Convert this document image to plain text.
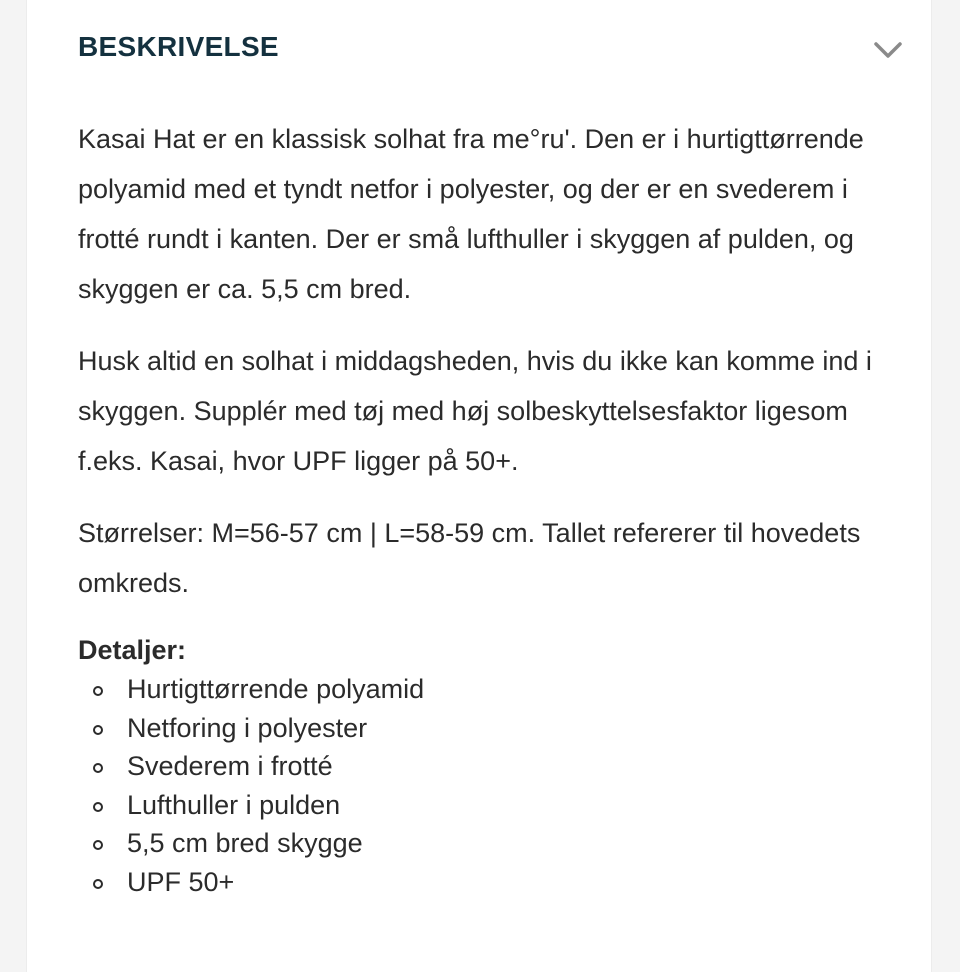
BESKRIVELSE

Kasai Hat er en klassisk solhat fra me°ru'. Den er i hurtigttørrende polyamid med et tyndt netfor i polyester, og der er en svederem i frotté rundt i kanten. Der er små lufthuller i skyggen af pulden, og skyggen er ca. 5,5 cm bred.

Husk altid en solhat i middagsheden, hvis du ikke kan komme ind i skyggen. Supplér med tøj med høj solbeskyttelsesfaktor ligesom f.eks. Kasai, hvor UPF ligger på 50+.

Størrelser: M=56-57 cm | L=58-59 cm. Tallet refererer til hovedets omkreds.

Detaljer:
Hurtigttørrende polyamid
Netforing i polyester
Svederem i frotté
Lufthuller i pulden
5,5 cm bred skygge
UPF 50+
